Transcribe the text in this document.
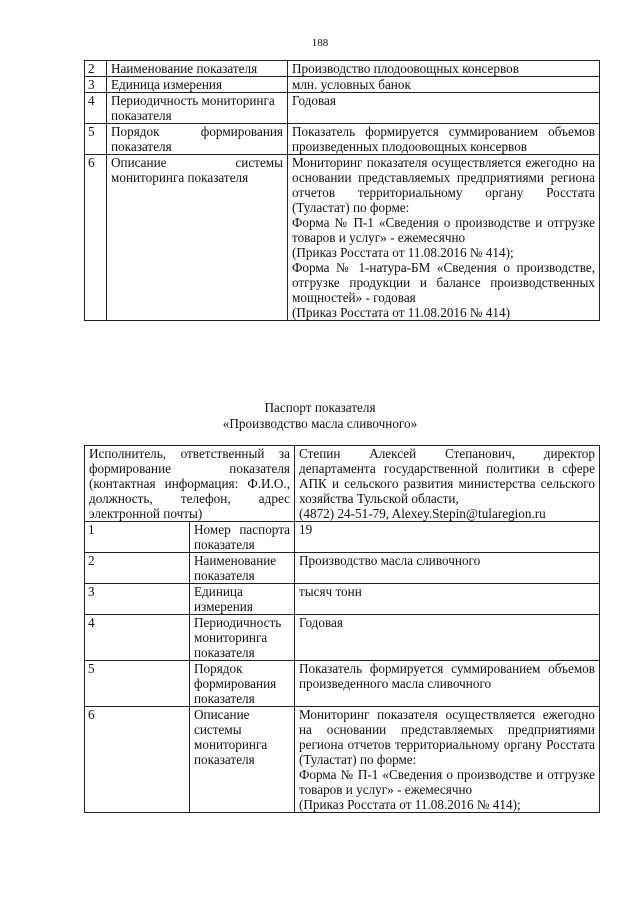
188
2	Наименование показателя	Производство плодоовощных консервов
3	Единица измерения	млн. условных банок
4	Периодичность мониторинга показателя	Годовая
5	Порядок формирования показателя	Показатель формируется суммированием объемов произведенных плодоовощных консервов
6	Описание системы мониторинга показателя	Мониторинг показателя осуществляется ежегодно на основании представляемых предприятиями региона отчетов территориальному органу Росстата (Туластат) по форме:
Форма № П-1 «Сведения о производстве и отгрузке товаров и услуг» - ежемесячно
(Приказ Росстата от 11.08.2016 № 414);
Форма № 1-натура-БМ «Сведения о производстве, отгрузке продукции и балансе производственных мощностей» - годовая
(Приказ Росстата от 11.08.2016 № 414)
Паспорт показателя
«Производство масла сливочного»
Исполнитель, ответственный за формирование показателя (контактная информация: Ф.И.О., должность, телефон, адрес электронной почты)		Степин Алексей Степанович, директор департамента государственной политики в сфере АПК и сельского развития министерства сельского хозяйства Тульской области,
(4872) 24-51-79, Alexey.Stepin@tularegion.ru

1	Номер паспорта показателя	19
2	Наименование показателя	Производство масла сливочного
3	Единица измерения	тысяч тонн
4	Периодичность мониторинга показателя	Годовая
5	Порядок формирования показателя	Показатель формируется суммированием объемов произведенного масла сливочного
6	Описание системы мониторинга показателя	Мониторинг показателя осуществляется ежегодно на основании представляемых предприятиями региона отчетов территориальному органу Росстата (Туластат) по форме:
Форма № П-1 «Сведения о производстве и отгрузке товаров и услуг» - ежемесячно
(Приказ Росстата от 11.08.2016 № 414);
